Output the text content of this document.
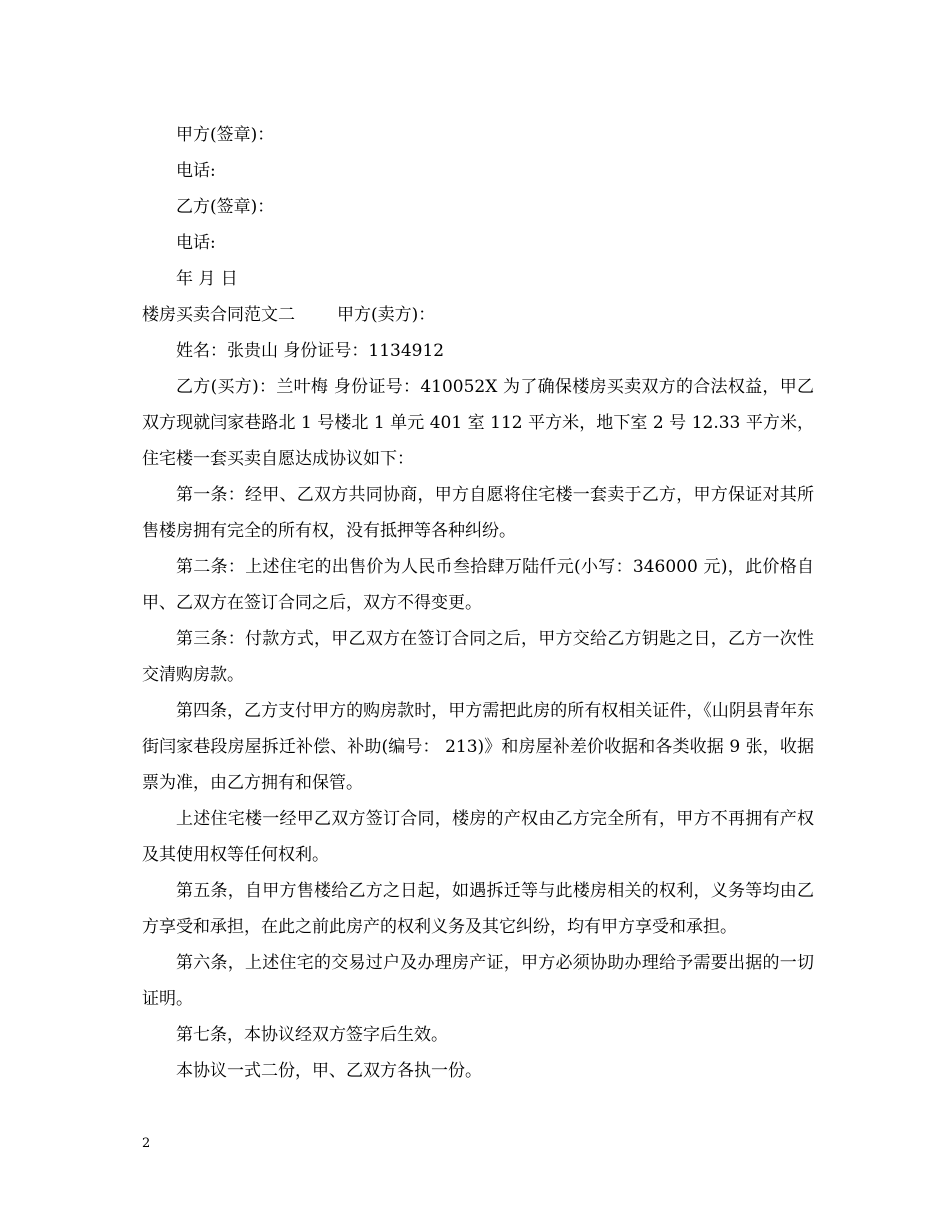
甲方(签章)：

电话:

乙方(签章)：

电话:

年 月 日

楼房买卖合同范文二 甲方(卖方)：

姓名：张贵山 身份证号：1134912

乙方(买方)：兰叶梅 身份证号：410052X 为了确保楼房买卖双方的合法权益，甲乙双方现就闫家巷路北 1 号楼北 1 单元 401 室 112 平方米，地下室 2 号 12.33 平方米，住宅楼一套买卖自愿达成协议如下：

第一条：经甲、乙双方共同协商，甲方自愿将住宅楼一套卖于乙方，甲方保证对其所售楼房拥有完全的所有权，没有抵押等各种纠纷。

第二条：上述住宅的出售价为人民币叁拾肆万陆仟元(小写：346000 元)，此价格自甲、乙双方在签订合同之后，双方不得变更。

第三条：付款方式，甲乙双方在签订合同之后，甲方交给乙方钥匙之日，乙方一次性交清购房款。

第四条，乙方支付甲方的购房款时，甲方需把此房的所有权相关证件，《山阴县青年东街闫家巷段房屋拆迁补偿、补助(编号： 213)》和房屋补差价收据和各类收据 9 张，收据票为准，由乙方拥有和保管。

上述住宅楼一经甲乙双方签订合同，楼房的产权由乙方完全所有，甲方不再拥有产权及其使用权等任何权利。

第五条，自甲方售楼给乙方之日起，如遇拆迁等与此楼房相关的权利，义务等均由乙方享受和承担，在此之前此房产的权利义务及其它纠纷，均有甲方享受和承担。

第六条，上述住宅的交易过户及办理房产证，甲方必须协助办理给予需要出据的一切证明。

第七条，本协议经双方签字后生效。

本协议一式二份，甲、乙双方各执一份。

2
